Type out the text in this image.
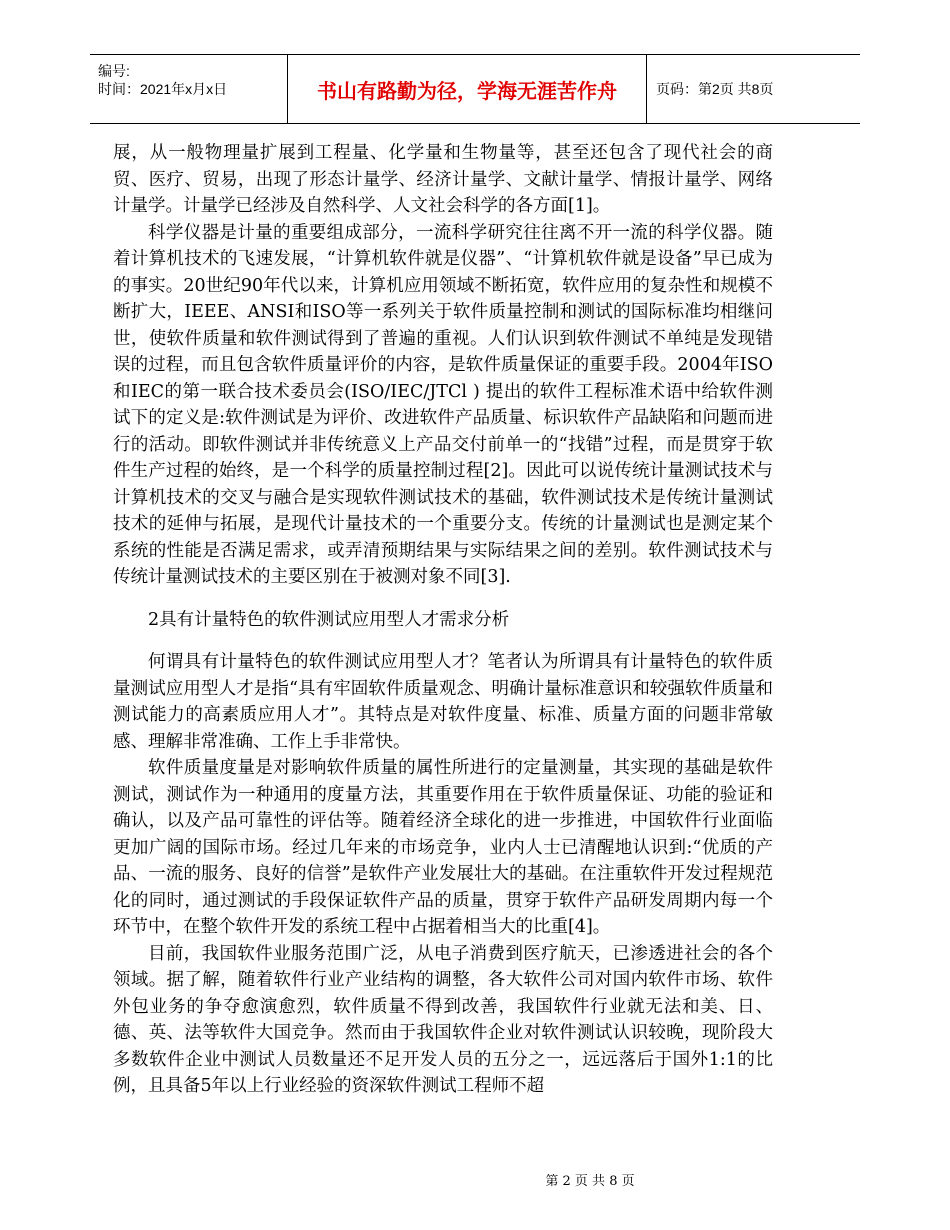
编号:
时间：2021年x月x日	书山有路勤为径，学海无涯苦作舟	页码：第2页 共8页

展，从一般物理量扩展到工程量、化学量和生物量等，甚至还包含了现代社会的商贸、医疗、贸易，出现了形态计量学、经济计量学、文献计量学、情报计量学、网络计量学。计量学已经涉及自然科学、人文社会科学的各方面[1]。

科学仪器是计量的重要组成部分，一流科学研究往往离不开一流的科学仪器。随着计算机技术的飞速发展，“计算机软件就是仪器”、“计算机软件就是设备”早已成为的事实。20世纪90年代以来，计算机应用领域不断拓宽，软件应用的复杂性和规模不断扩大，IEEE、ANSI和ISO等一系列关于软件质量控制和测试的国际标准均相继问世，使软件质量和软件测试得到了普遍的重视。人们认识到软件测试不单纯是发现错误的过程，而且包含软件质量评价的内容，是软件质量保证的重要手段。2004年ISO和IEC的第一联合技术委员会(ISO/IEC/JTCl ) 提出的软件工程标准术语中给软件测试下的定义是:软件测试是为评价、改进软件产品质量、标识软件产品缺陷和问题而进行的活动。即软件测试并非传统意义上产品交付前单一的“找错”过程，而是贯穿于软件生产过程的始终，是一个科学的质量控制过程[2]。因此可以说传统计量测试技术与计算机技术的交叉与融合是实现软件测试技术的基础，软件测试技术是传统计量测试技术的延伸与拓展，是现代计量技术的一个重要分支。传统的计量测试也是测定某个系统的性能是否满足需求，或弄清预期结果与实际结果之间的差别。软件测试技术与传统计量测试技术的主要区别在于被测对象不同[3].

2具有计量特色的软件测试应用型人才需求分析

何谓具有计量特色的软件测试应用型人才？笔者认为所谓具有计量特色的软件质量测试应用型人才是指“具有牢固软件质量观念、明确计量标准意识和较强软件质量和测试能力的高素质应用人才”。其特点是对软件度量、标准、质量方面的问题非常敏感、理解非常准确、工作上手非常快。

软件质量度量是对影响软件质量的属性所进行的定量测量，其实现的基础是软件测试，测试作为一种通用的度量方法，其重要作用在于软件质量保证、功能的验证和确认，以及产品可靠性的评估等。随着经济全球化的进一步推进，中国软件行业面临更加广阔的国际市场。经过几年来的市场竞争，业内人士已清醒地认识到:“优质的产品、一流的服务、良好的信誉”是软件产业发展壮大的基础。在注重软件开发过程规范化的同时，通过测试的手段保证软件产品的质量，贯穿于软件产品研发周期内每一个环节中，在整个软件开发的系统工程中占据着相当大的比重[4]。

目前，我国软件业服务范围广泛，从电子消费到医疗航天，已渗透进社会的各个领域。据了解，随着软件行业产业结构的调整，各大软件公司对国内软件市场、软件外包业务的争夺愈演愈烈，软件质量不得到改善，我国软件行业就无法和美、日、德、英、法等软件大国竞争。然而由于我国软件企业对软件测试认识较晚，现阶段大多数软件企业中测试人员数量还不足开发人员的五分之一，远远落后于国外1:1的比例，且具备5年以上行业经验的资深软件测试工程师不超

第 2 页 共 8 页
